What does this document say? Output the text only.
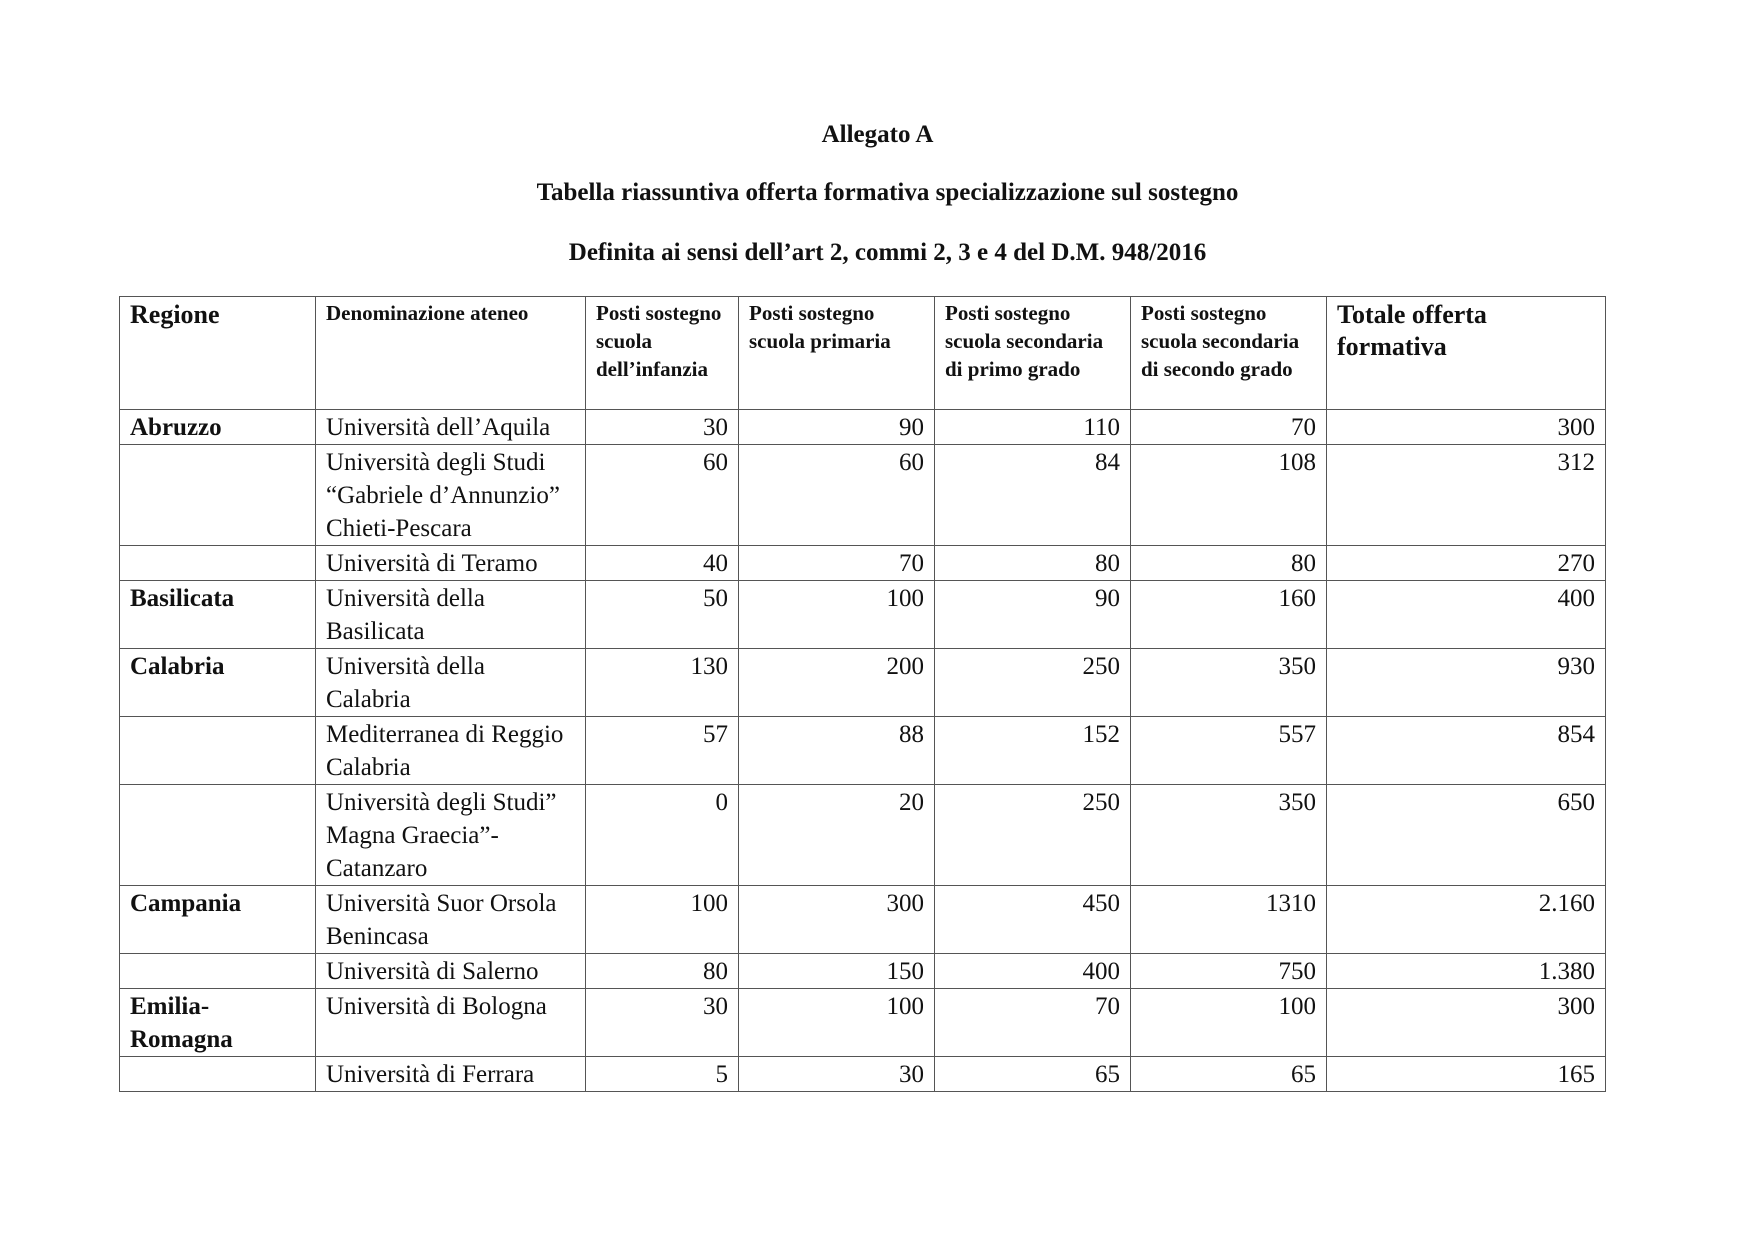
Allegato A
Tabella riassuntiva offerta formativa specializzazione sul sostegno
Definita ai sensi dell’art 2, commi 2, 3 e 4 del D.M. 948/2016
Regione	Denominazione ateneo	Posti sostegno scuola dell’infanzia	Posti sostegno scuola primaria	Posti sostegno scuola secondaria di primo grado	Posti sostegno scuola secondaria di secondo grado	Totale offerta formativa
Abruzzo	Università dell’Aquila	30	90	110	70	300
	Università degli Studi “Gabriele d’Annunzio” Chieti-Pescara	60	60	84	108	312
	Università di Teramo	40	70	80	80	270
Basilicata	Università della Basilicata	50	100	90	160	400
Calabria	Università della Calabria	130	200	250	350	930
	Mediterranea di Reggio Calabria	57	88	152	557	854
	Università degli Studi” Magna Graecia”-Catanzaro	0	20	250	350	650
Campania	Università Suor Orsola Benincasa	100	300	450	1310	2.160
	Università di Salerno	80	150	400	750	1.380
Emilia-Romagna	Università di Bologna	30	100	70	100	300
	Università di Ferrara	5	30	65	65	165
